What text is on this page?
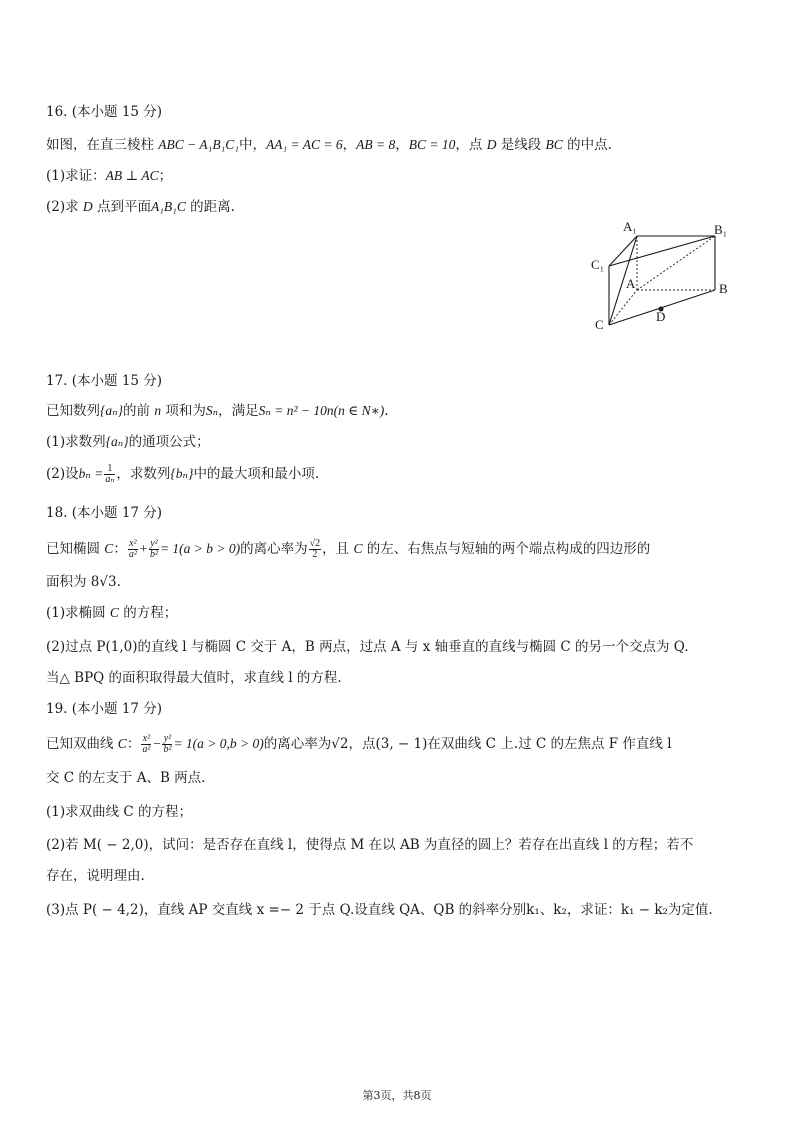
16. (本小题 15 分)
如图，在直三棱柱 ABC − A₁B₁C₁中，AA₁ = AC = 6，AB = 8，BC = 10，点 D 是线段 BC 的中点.
(1)求证：AB ⊥ AC；
(2)求 D 点到平面A₁B₁C 的距离.
A₁	B₁
C₁
A	B
C
D
17. (本小题 15 分)
已知数列{aₙ}的前 n 项和为Sₙ，满足Sₙ = n² − 10n(n ∈ N∗).
(1)求数列{aₙ}的通项公式；
(2)设$b_n = \frac{1}{\text{aₙ}}$ ，求数列{bₙ}中的最大项和最小项.
18. (本小题 17 分)
已知椭圆 C： $\frac{\text{x²}}{\text{a²}} + \frac{\text{y²}}{\text{b²}} = 1(a > b > 0)$的离心率为 $\frac{√2}{2}$ ，且 C 的左、右焦点与短轴的两个端点构成的四边形的
面积为 8√3.
(1)求椭圆 C 的方程；
(2)过点 P(1,0)的直线 l 与椭圆 C 交于 A，B 两点，过点 A 与 x 轴垂直的直线与椭圆 C 的另一个交点为 Q.
当△ BPQ 的面积取得最大值时，求直线 l 的方程.
19. (本小题 17 分)
已知双曲线 C： $\frac{\text{x²}}{\text{a²}} - \frac{\text{y²}}{\text{b²}} = 1(a > 0,b > 0)$的离心率为√2，点(3, − 1)在双曲线 C 上.过 C 的左焦点 F 作直线 l
交 C 的左支于 A、B 两点.
(1)求双曲线 C 的方程；
(2)若 M( − 2,0)，试问：是否存在直线 l，使得点 M 在以 AB 为直径的圆上？若存在出直线 l 的方程；若不
存在，说明理由.
(3)点 P( − 4,2)，直线 AP 交直线 x =− 2 于点 Q.设直线 QA、QB 的斜率分别k₁、k₂，求证：k₁ − k₂为定值.
第3页，共8页
